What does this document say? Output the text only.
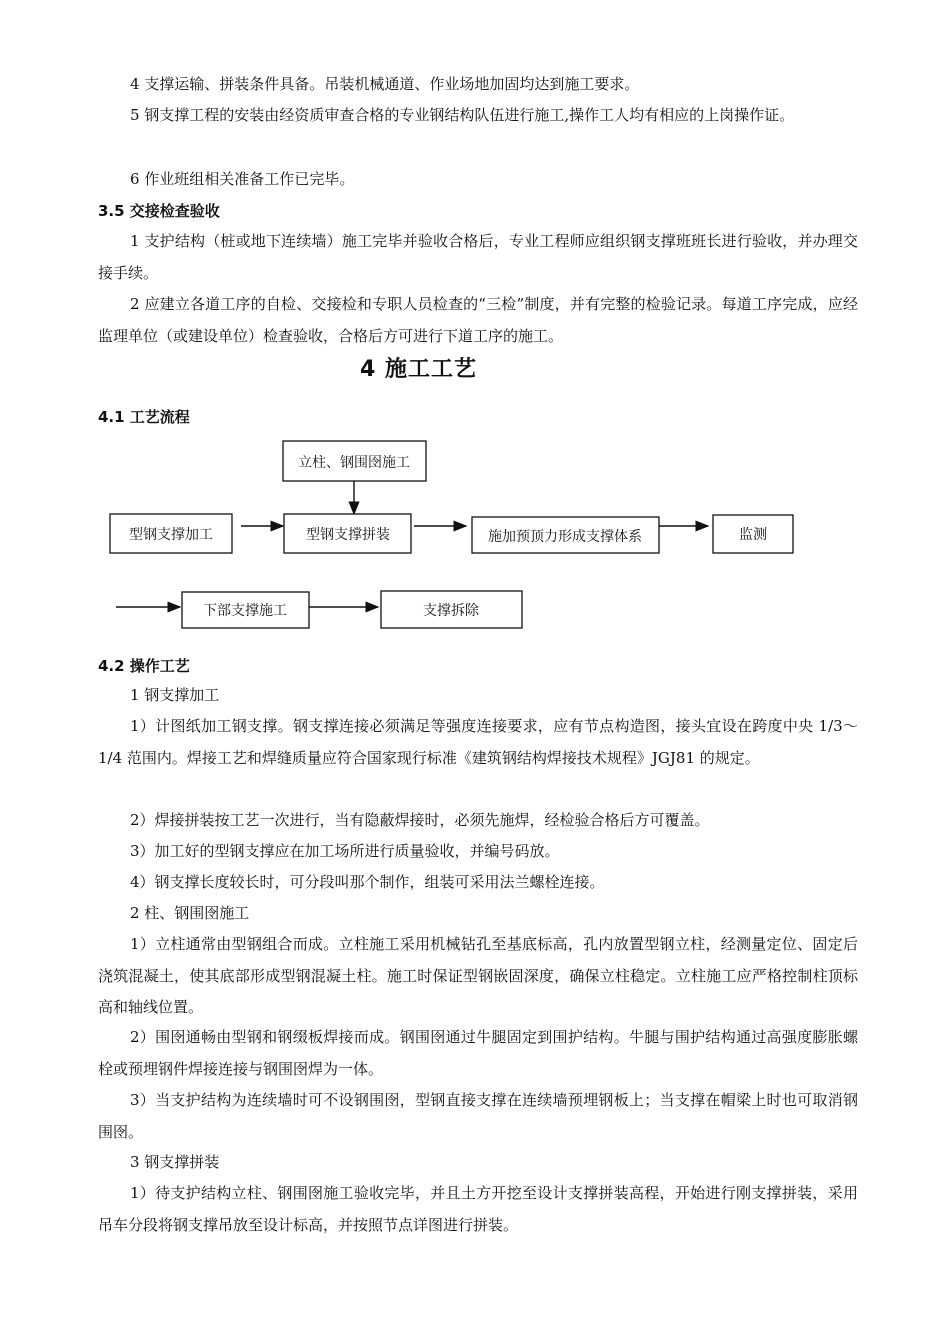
4 支撑运输、拼装条件具备。吊装机械通道、作业场地加固均达到施工要求。

5 钢支撑工程的安装由经资质审查合格的专业钢结构队伍进行施工,操作工人均有相应的上岗操作证。

6 作业班组相关准备工作已完毕。

3.5 交接检查验收

1 支护结构（桩或地下连续墙）施工完毕并验收合格后，专业工程师应组织钢支撑班班长进行验收，并办理交接手续。

2 应建立各道工序的自检、交接检和专职人员检查的“三检”制度，并有完整的检验记录。每道工序完成，应经监理单位（或建设单位）检查验收，合格后方可进行下道工序的施工。

4 施工工艺

4.1 工艺流程

立柱、钢围囹施工
型钢支撑加工	型钢支撑拼装	施加预顶力形成支撑体系	监测
下部支撑施工	支撑拆除

4.2 操作工艺

1 钢支撑加工

1）计图纸加工钢支撑。钢支撑连接必须满足等强度连接要求，应有节点构造图，接头宜设在跨度中央 1/3～1/4 范围内。焊接工艺和焊缝质量应符合国家现行标准《建筑钢结构焊接技术规程》JGJ81 的规定。

2）焊接拼装按工艺一次进行，当有隐蔽焊接时，必须先施焊，经检验合格后方可覆盖。

3）加工好的型钢支撑应在加工场所进行质量验收，并编号码放。

4）钢支撑长度较长时，可分段叫那个制作，组装可采用法兰螺栓连接。

2 柱、钢围囹施工

1）立柱通常由型钢组合而成。立柱施工采用机械钻孔至基底标高，孔内放置型钢立柱，经测量定位、固定后浇筑混凝土，使其底部形成型钢混凝土柱。施工时保证型钢嵌固深度，确保立柱稳定。立柱施工应严格控制柱顶标高和轴线位置。

2）围囹通畅由型钢和钢缀板焊接而成。钢围囹通过牛腿固定到围护结构。牛腿与围护结构通过高强度膨胀螺栓或预埋钢件焊接连接与钢围囹焊为一体。

3）当支护结构为连续墙时可不设钢围囹，型钢直接支撑在连续墙预埋钢板上；当支撑在帽梁上时也可取消钢围囹。

3 钢支撑拼装

1）待支护结构立柱、钢围囹施工验收完毕，并且土方开挖至设计支撑拼装高程，开始进行刚支撑拼装，采用吊车分段将钢支撑吊放至设计标高，并按照节点详图进行拼装。
